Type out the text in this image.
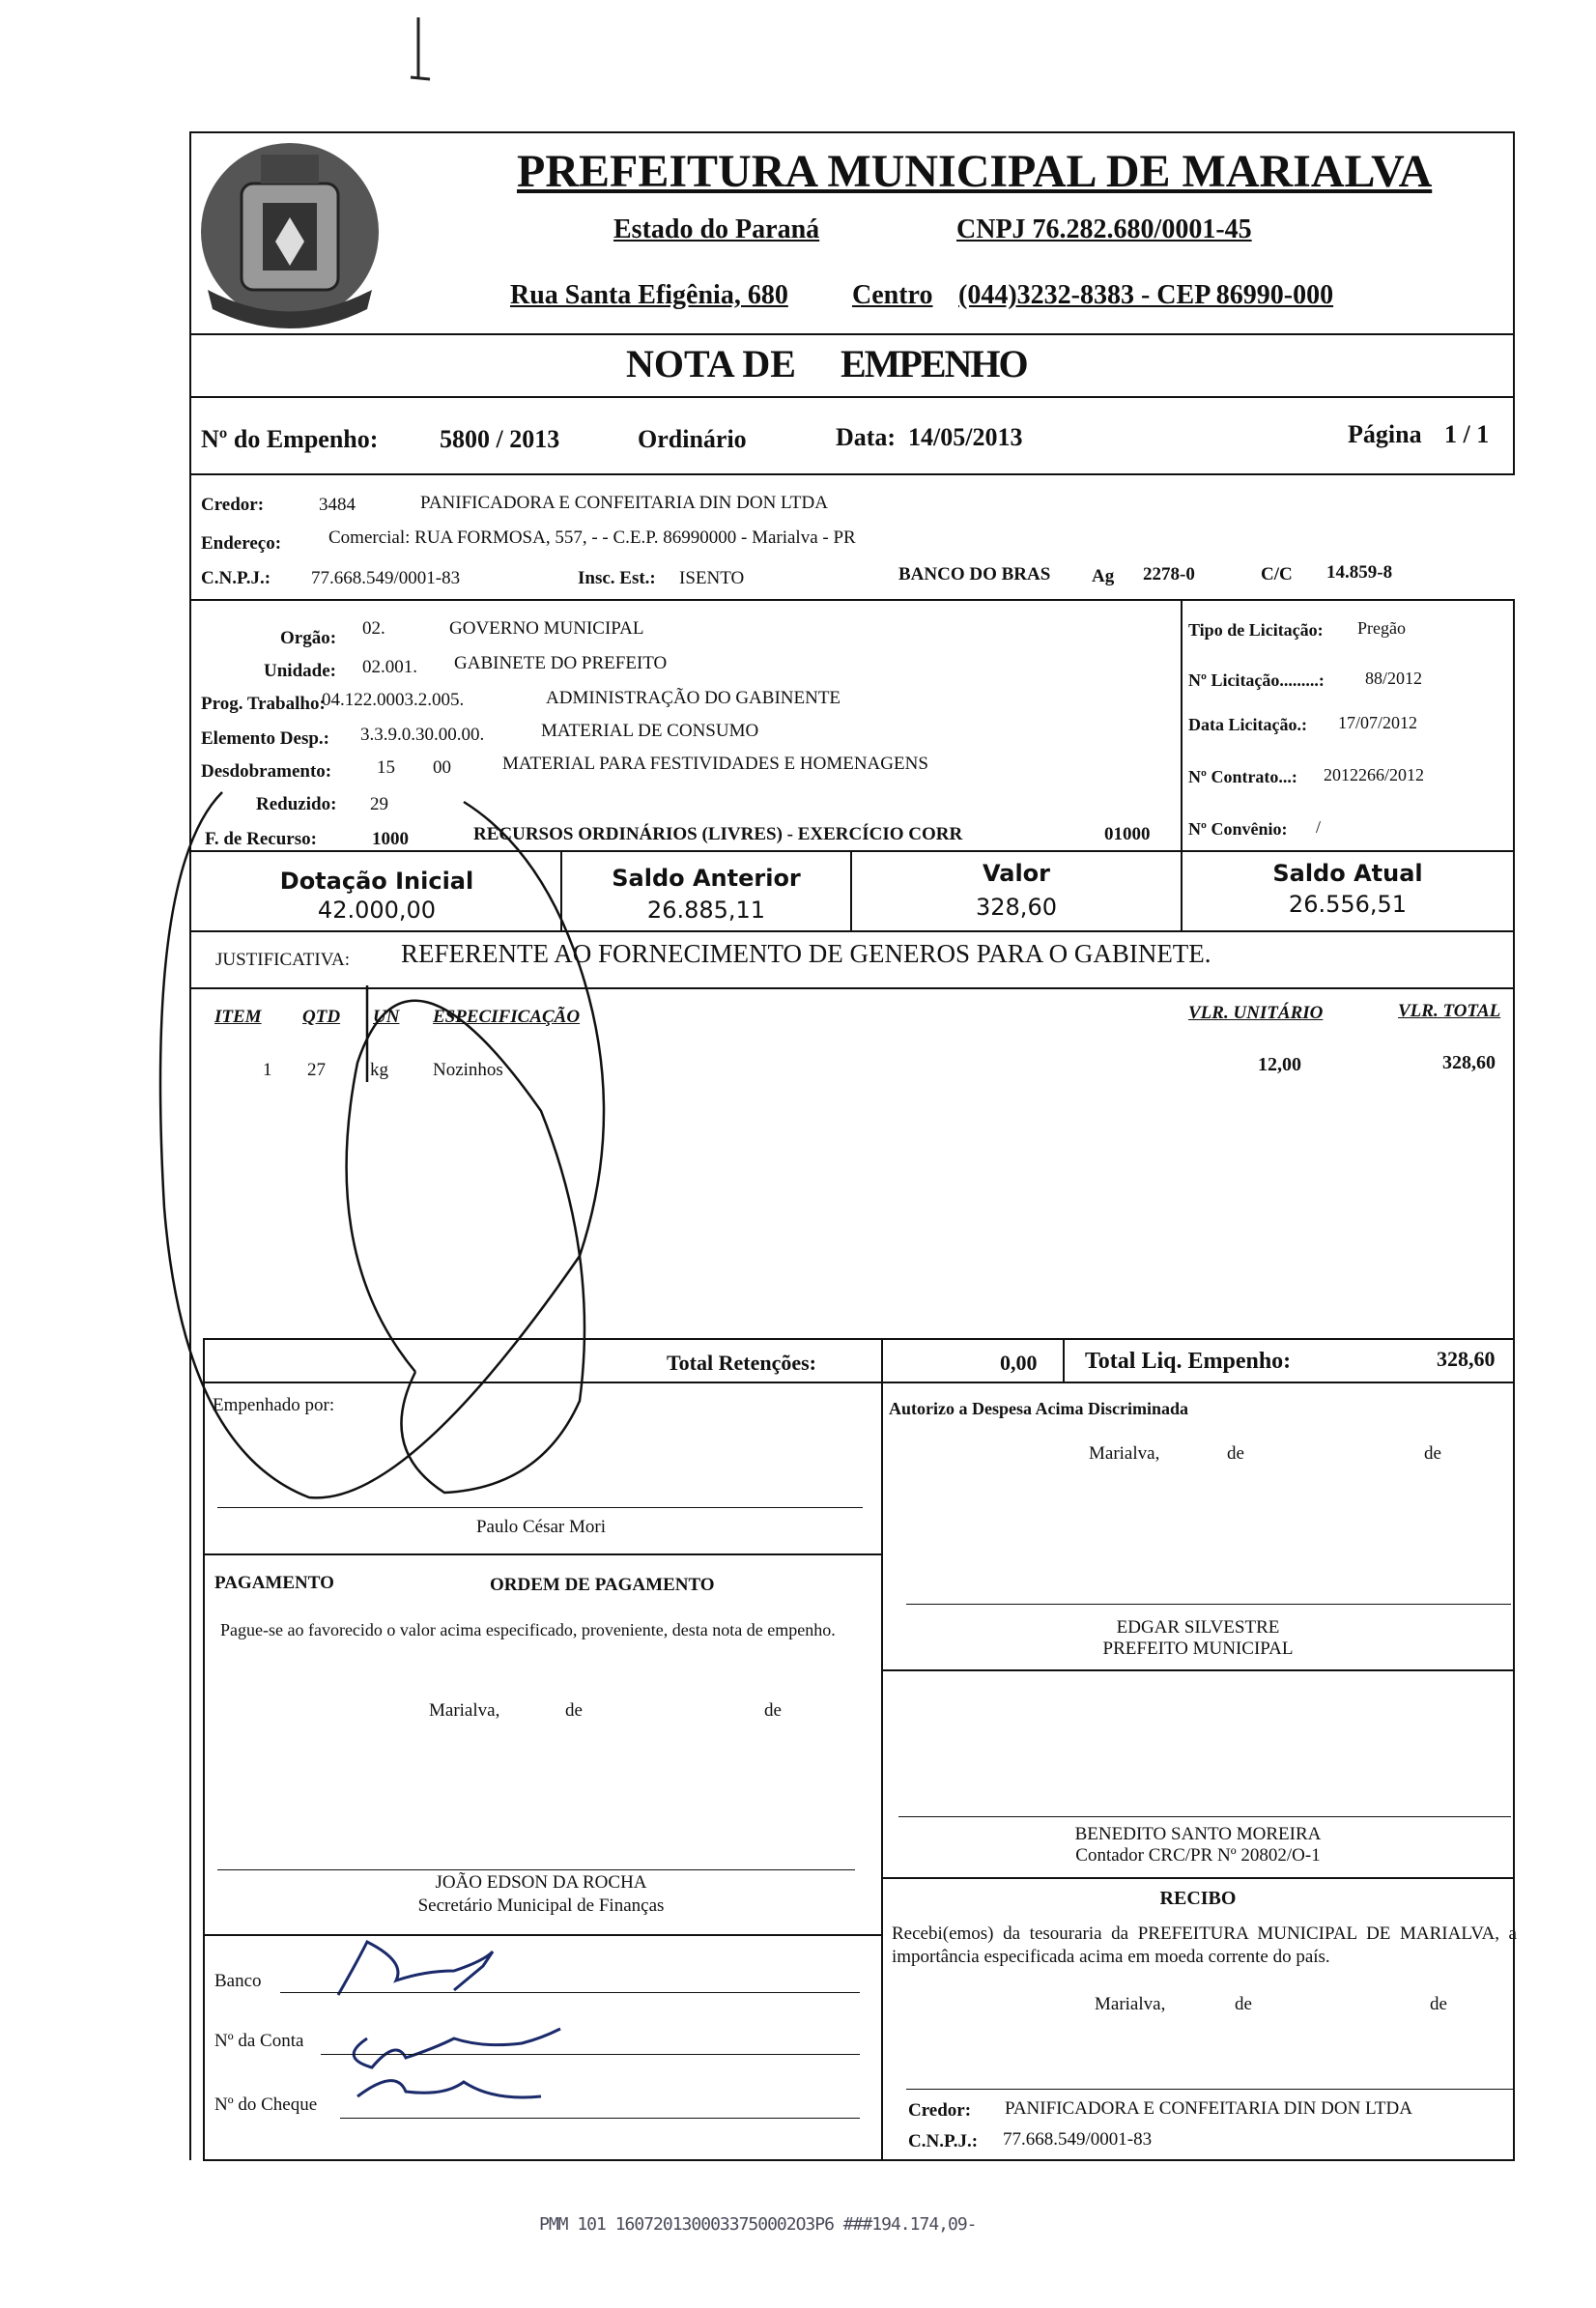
PREFEITURA MUNICIPAL DE MARIALVA
Estado do Paraná	CNPJ 76.282.680/0001-45
Rua Santa Efigênia, 680 Centro (044)3232-8383 - CEP 86990-000
NOTA DE EMPENHO
Nº do Empenho: 5800 / 2013	Ordinário	Data: 14/05/2013	Página 1 / 1
Credor:	3484	PANIFICADORA E CONFEITARIA DIN DON LTDA
Endereço:	Comercial: RUA FORMOSA, 557, - - C.E.P. 86990000 - Marialva - PR
C.N.P.J.: 77.668.549/0001-83	Insc. Est.: ISENTO	BANCO DO BRAS Ag 2278-0	C/C 14.859-8
Orgão: 02.	GOVERNO MUNICIPAL
Unidade: 02.001. GABINETE DO PREFEITO
Prog. Trabalho:
04.122.0003.2.005.	ADMINISTRAÇÃO DO GABINENTE
Elemento Desp.: 3.3.9.0.30.00.00.	MATERIAL DE CONSUMO
Desdobramento: 15 00	MATERIAL PARA FESTIVIDADES E HOMENAGENS
Reduzido: 29
F. de Recurso:	1000	RECURSOS ORDINÁRIOS (LIVRES) - EXERCÍCIO CORR	01000
Tipo de Licitação: Pregão
Nº Licitação.........: 88/2012
Data Licitação.: 17/07/2012
Nº Contrato...: 2012266/2012
Nº Convênio: /
Dotação Inicial
42.000,00
Saldo Anterior
26.885,11
Valor
328,60
Saldo Atual
26.556,51
JUSTIFICATIVA: REFERENTE AO FORNECIMENTO DE GENEROS PARA O GABINETE.
ITEM QTD UN ESPECIFICAÇÃO	VLR. UNITÁRIO	VLR. TOTAL
1 27 kg Nozinhos	12,00	328,60
Total Retenções:	0,00 Total Liq. Empenho:	328,60
Empenhado por:
Paulo César Mori
Autorizo a Despesa Acima Discriminada
Marialva,	de	de
EDGAR SILVESTRE
PREFEITO MUNICIPAL
PAGAMENTO	ORDEM DE PAGAMENTO
Pague-se ao favorecido o valor acima especificado, proveniente, desta nota de empenho.
Marialva,	de	de
BENEDITO SANTO MOREIRA
Contador CRC/PR Nº 20802/O-1
JOÃO EDSON DA ROCHA
Secretário Municipal de Finanças	RECIBO
Recebi(emos) da tesouraria da PREFEITURA MUNICIPAL DE MARIALVA, a importância especificada acima em moeda corrente do país.
Marialva,	de	de
Banco
Nº da Conta
Nº do Cheque	Credor: PANIFICADORA E CONFEITARIA DIN DON LTDA
C.N.P.J.: 77.668.549/0001-83
PMM 101 1607201300033750002O3P6 ###194.174,09-
